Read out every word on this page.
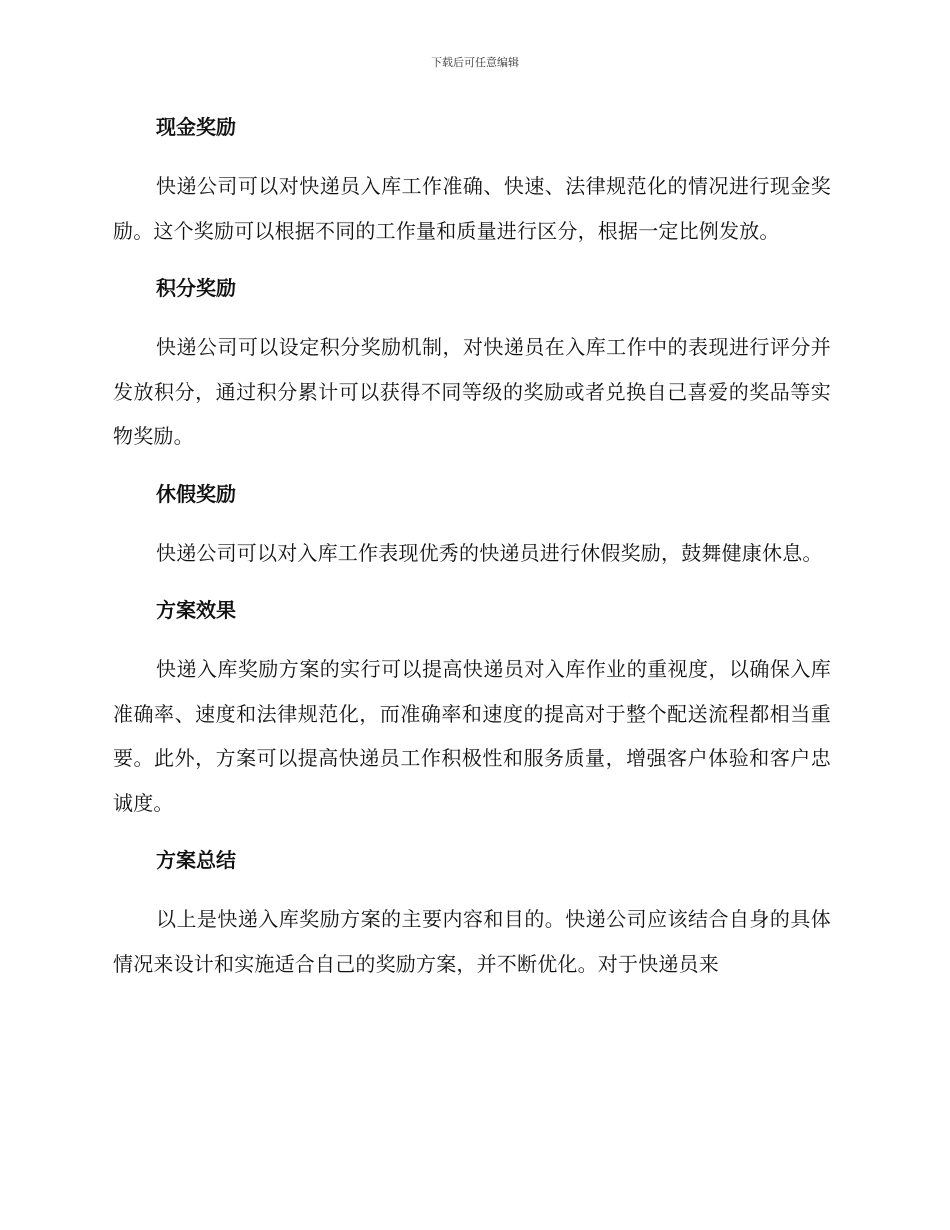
下载后可任意编辑
现金奖励

快递公司可以对快递员入库工作准确、快速、法律规范化的情况进行现金奖励。这个奖励可以根据不同的工作量和质量进行区分，根据一定比例发放。

积分奖励

快递公司可以设定积分奖励机制，对快递员在入库工作中的表现进行评分并发放积分，通过积分累计可以获得不同等级的奖励或者兑换自己喜爱的奖品等实物奖励。

休假奖励

快递公司可以对入库工作表现优秀的快递员进行休假奖励，鼓舞健康休息。

方案效果

快递入库奖励方案的实行可以提高快递员对入库作业的重视度，以确保入库准确率、速度和法律规范化，而准确率和速度的提高对于整个配送流程都相当重要。此外，方案可以提高快递员工作积极性和服务质量，增强客户体验和客户忠诚度。

方案总结

以上是快递入库奖励方案的主要内容和目的。快递公司应该结合自身的具体情况来设计和实施适合自己的奖励方案，并不断优化。对于快递员来
